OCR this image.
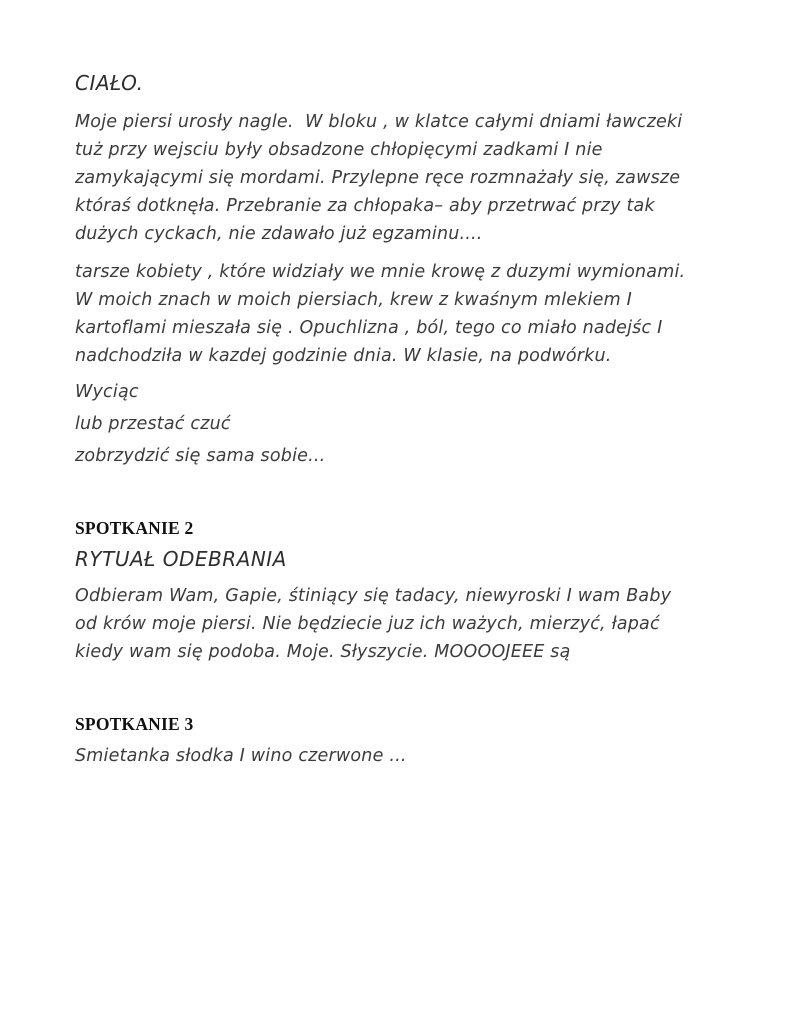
CIAŁO.
Moje piersi urosły nagle.  W bloku , w klatce całymi dniami ławczeki
tuż przy wejsciu były obsadzone chłopięcymi zadkami I nie
zamykającymi się mordami. Przylepne ręce rozmnażały się, zawsze
któraś dotknęła. Przebranie za chłopaka– aby przetrwać przy tak
dużych cyckach, nie zdawało już egzaminu....
tarsze kobiety , które widziały we mnie krowę z duzymi wymionami.
W moich znach w moich piersiach, krew z kwaśnym mlekiem I
kartoflami mieszała się . Opuchlizna , ból, tego co miało nadejśc I
nadchodziła w kazdej godzinie dnia. W klasie, na podwórku.
Wyciąc
lub przestać czuć
zobrzydzić się sama sobie...
SPOTKANIE 2
RYTUAŁ ODEBRANIA
Odbieram Wam, Gapie, śtiniący się tadacy, niewyroski I wam Baby
od krów moje piersi. Nie będziecie juz ich ważych, mierzyć, łapać
kiedy wam się podoba. Moje. Słyszycie. MOOOOJEEE są
SPOTKANIE 3
Smietanka słodka I wino czerwone ...
